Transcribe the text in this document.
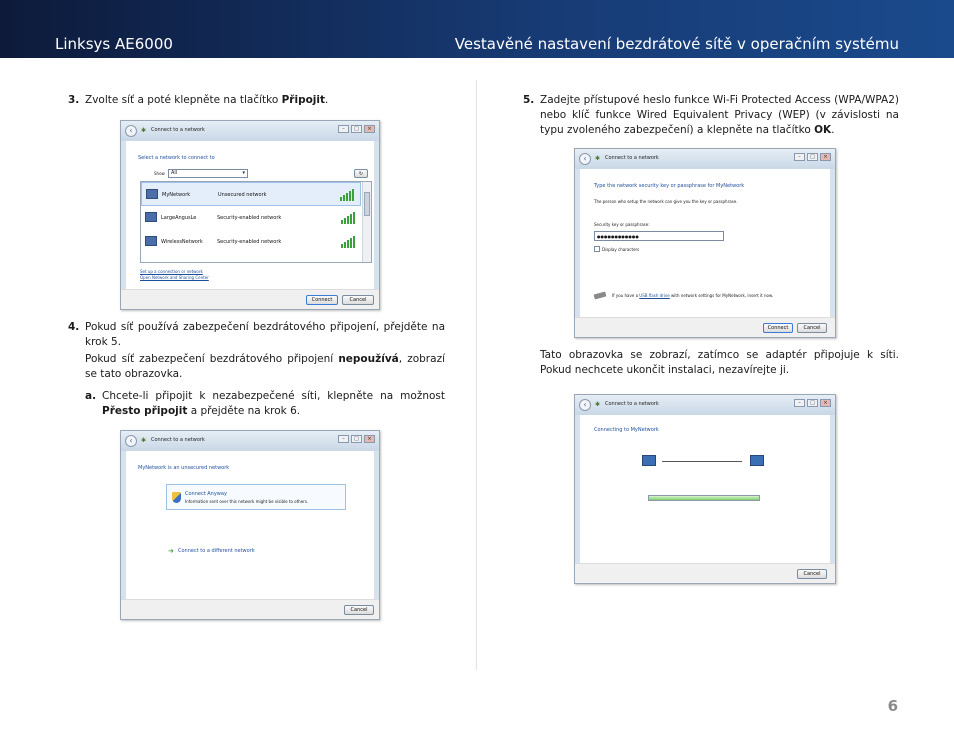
Linksys AE6000	Vestavěné nastavení bezdrátové sítě v operačním systému
3. Zvolte síť a poté klepněte na tlačítko Připojit.
‹	✱ Connect to a network	–	□	×
Select a network to connect to
Show	All	▾	↻
MyNetwork	Unsecured network
LargeAngusLe	Security-enabled network
WirelessNetwork	Security-enabled network
Set up a connection or network
Open Network and Sharing Center
Connect	Cancel
4. Pokud síť používá zabezpečení bezdrátového připojení, přejděte na krok 5.
Pokud síť zabezpečení bezdrátového připojení nepoužívá, zobrazí se tato obrazovka.
a. Chcete-li připojit k nezabezpečené síti, klepněte na možnost Přesto připojit a přejděte na krok 6.
‹	✱ Connect to a network	–	□	×
MyNetwork is an unsecured network
Connect Anyway
Information sent over this network might be visible to others.
➔ Connect to a different network
Cancel
5. Zadejte přístupové heslo funkce Wi-Fi Protected Access (WPA/WPA2) nebo klíč funkce Wired Equivalent Privacy (WEP) (v závislosti na typu zvoleného zabezpečení) a klepněte na tlačítko OK.
‹	✱ Connect to a network	–	□	×
Type the network security key or passphrase for MyNetwork
The person who setup the network can give you the key or passphrase.
Security key or passphrase:
●●●●●●●●●●●●
Display characters
If you have a USB flash drive with network settings for MyNetwork, insert it now.
Connect	Cancel
Tato obrazovka se zobrazí, zatímco se adaptér připojuje k síti. Pokud nechcete ukončit instalaci, nezavírejte ji.
‹	✱ Connect to a network	–	□	×
Connecting to MyNetwork
Cancel
6
